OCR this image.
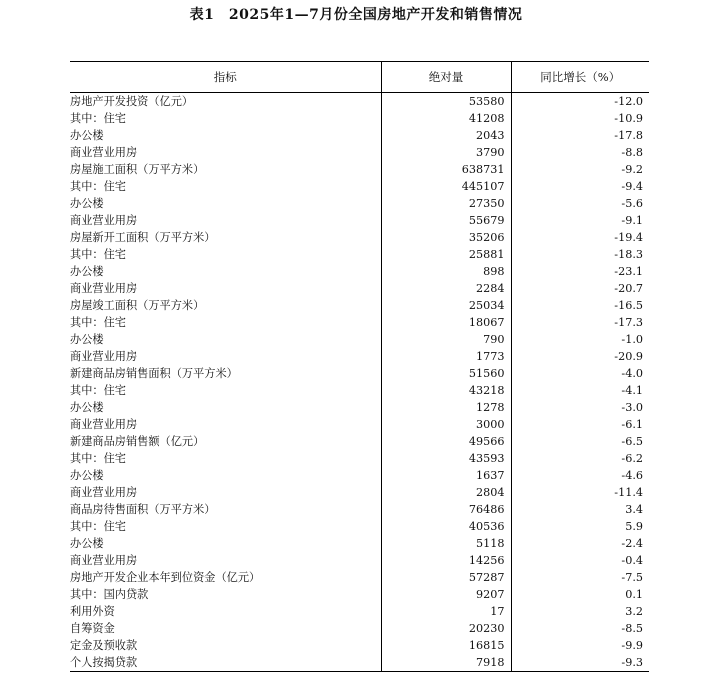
表1　2025年1—7月份全国房地产开发和销售情况
指标	绝对量	同比增长（%）
房地产开发投资（亿元）	53580	-12.0
其中：住宅	41208	-10.9
办公楼	2043	-17.8
商业营业用房	3790	-8.8
房屋施工面积（万平方米）	638731	-9.2
其中：住宅	445107	-9.4
办公楼	27350	-5.6
商业营业用房	55679	-9.1
房屋新开工面积（万平方米）	35206	-19.4
其中：住宅	25881	-18.3
办公楼	898	-23.1
商业营业用房	2284	-20.7
房屋竣工面积（万平方米）	25034	-16.5
其中：住宅	18067	-17.3
办公楼	790	-1.0
商业营业用房	1773	-20.9
新建商品房销售面积（万平方米）	51560	-4.0
其中：住宅	43218	-4.1
办公楼	1278	-3.0
商业营业用房	3000	-6.1
新建商品房销售额（亿元）	49566	-6.5
其中：住宅	43593	-6.2
办公楼	1637	-4.6
商业营业用房	2804	-11.4
商品房待售面积（万平方米）	76486	3.4
其中：住宅	40536	5.9
办公楼	5118	-2.4
商业营业用房	14256	-0.4
房地产开发企业本年到位资金（亿元）	57287	-7.5
其中：国内贷款	9207	0.1
利用外资	17	3.2
自筹资金	20230	-8.5
定金及预收款	16815	-9.9
个人按揭贷款	7918	-9.3
